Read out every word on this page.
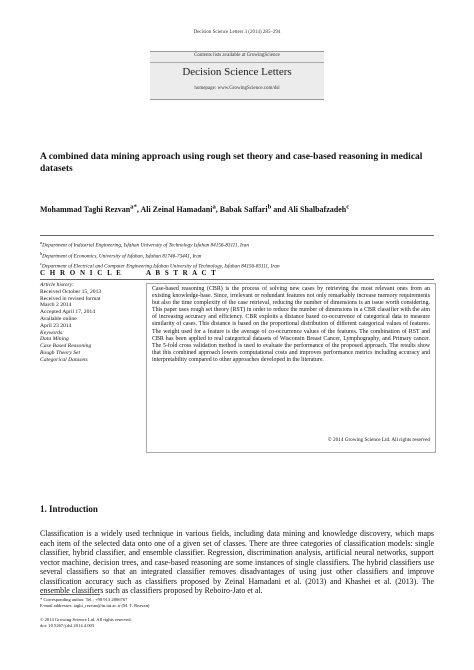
Decision Science Letters 3 (2014) 285–294
Contents lists available at GrowingScience
Decision Science Letters
homepage: www.GrowingScience.com/dsl
A combined data mining approach using rough set theory and case-based reasoning in medical datasets
Mohammad Taghi Rezvan$^{a*}$, Ali Zeinal Hamadani$^a$, Babak Saffari$^b$ and Ali Shalbafzadeh$^c$
$^a$Department of Industrial Engineering, Isfahan University of Technology Isfahan 84156-83111, Iran
$^b$Department of Economics, University of Isfahan, Isfahan 81746-73441, Iran
$^c$Department of Electrical and Computer Engineering Isfahan University of Technology, Isfahan 84156-83111, Iran
C H R O N I C L E	A B S T R A C T
Article history:
Received October 15, 2013
Received in revised format
March 2 2014
Accepted April 17, 2014
Available online
April 23 2014
Keywords:
Data Mining
Case Based Reasoning
Rough Theory Set
Categorical Datasets
Case-based reasoning (CBR) is the process of solving new cases by retrieving the most relevant ones from an existing knowledge-base. Since, irrelevant or redundant features not only remarkably increase memory requirements but also the time complexity of the case retrieval, reducing the number of dimensions is an issue worth considering. This paper uses rough set theory (RST) in order to reduce the number of dimensions in a CBR classifier with the aim of increasing accuracy and efficiency. CBR exploits a distance based co-occurrence of categorical data to measure similarity of cases. This distance is based on the proportional distribution of different categorical values of features. The weight used for a feature is the average of co-occurrence values of the features. The combination of RST and CBR has been applied to real categorical datasets of Wisconsin Breast Cancer, Lymphography, and Primary cancer. The 5-fold cross validation method is used to evaluate the performance of the proposed approach. The results show that this combined approach lowers computational costs and improves performance metrics including accuracy and interpretability compared to other approaches developed in the literature.
© 2014 Growing Science Ltd. All rights reserved
1. Introduction
Classification is a widely used technique in various fields, including data mining and knowledge discovery, which maps each item of the selected data onto one of a given set of classes. There are three categories of classification models: single classifier, hybrid classifier, and ensemble classifier. Regression, discrimination analysis, artificial neural networks, support vector machine, decision trees, and case-based reasoning are some instances of single classifiers. The hybrid classifiers use several classifiers so that an integrated classifier removes disadvantages of using just other classifiers and improve classification accuracy such as classifiers proposed by Zeinal Hamadani et al. (2013) and Khashei et al. (2013). The ensemble classifiers such as classifiers proposed by Reboiro-Jato et al.
* Corresponding author. Tel.: +98 913 2806767
E-mail addresses: taghi_rezvan@in.iut.ac.ir (M. T. Rezvan)
© 2014 Growing Science Ltd. All rights reserved.
doi: 10.5267/j.dsl.2014.4.003
